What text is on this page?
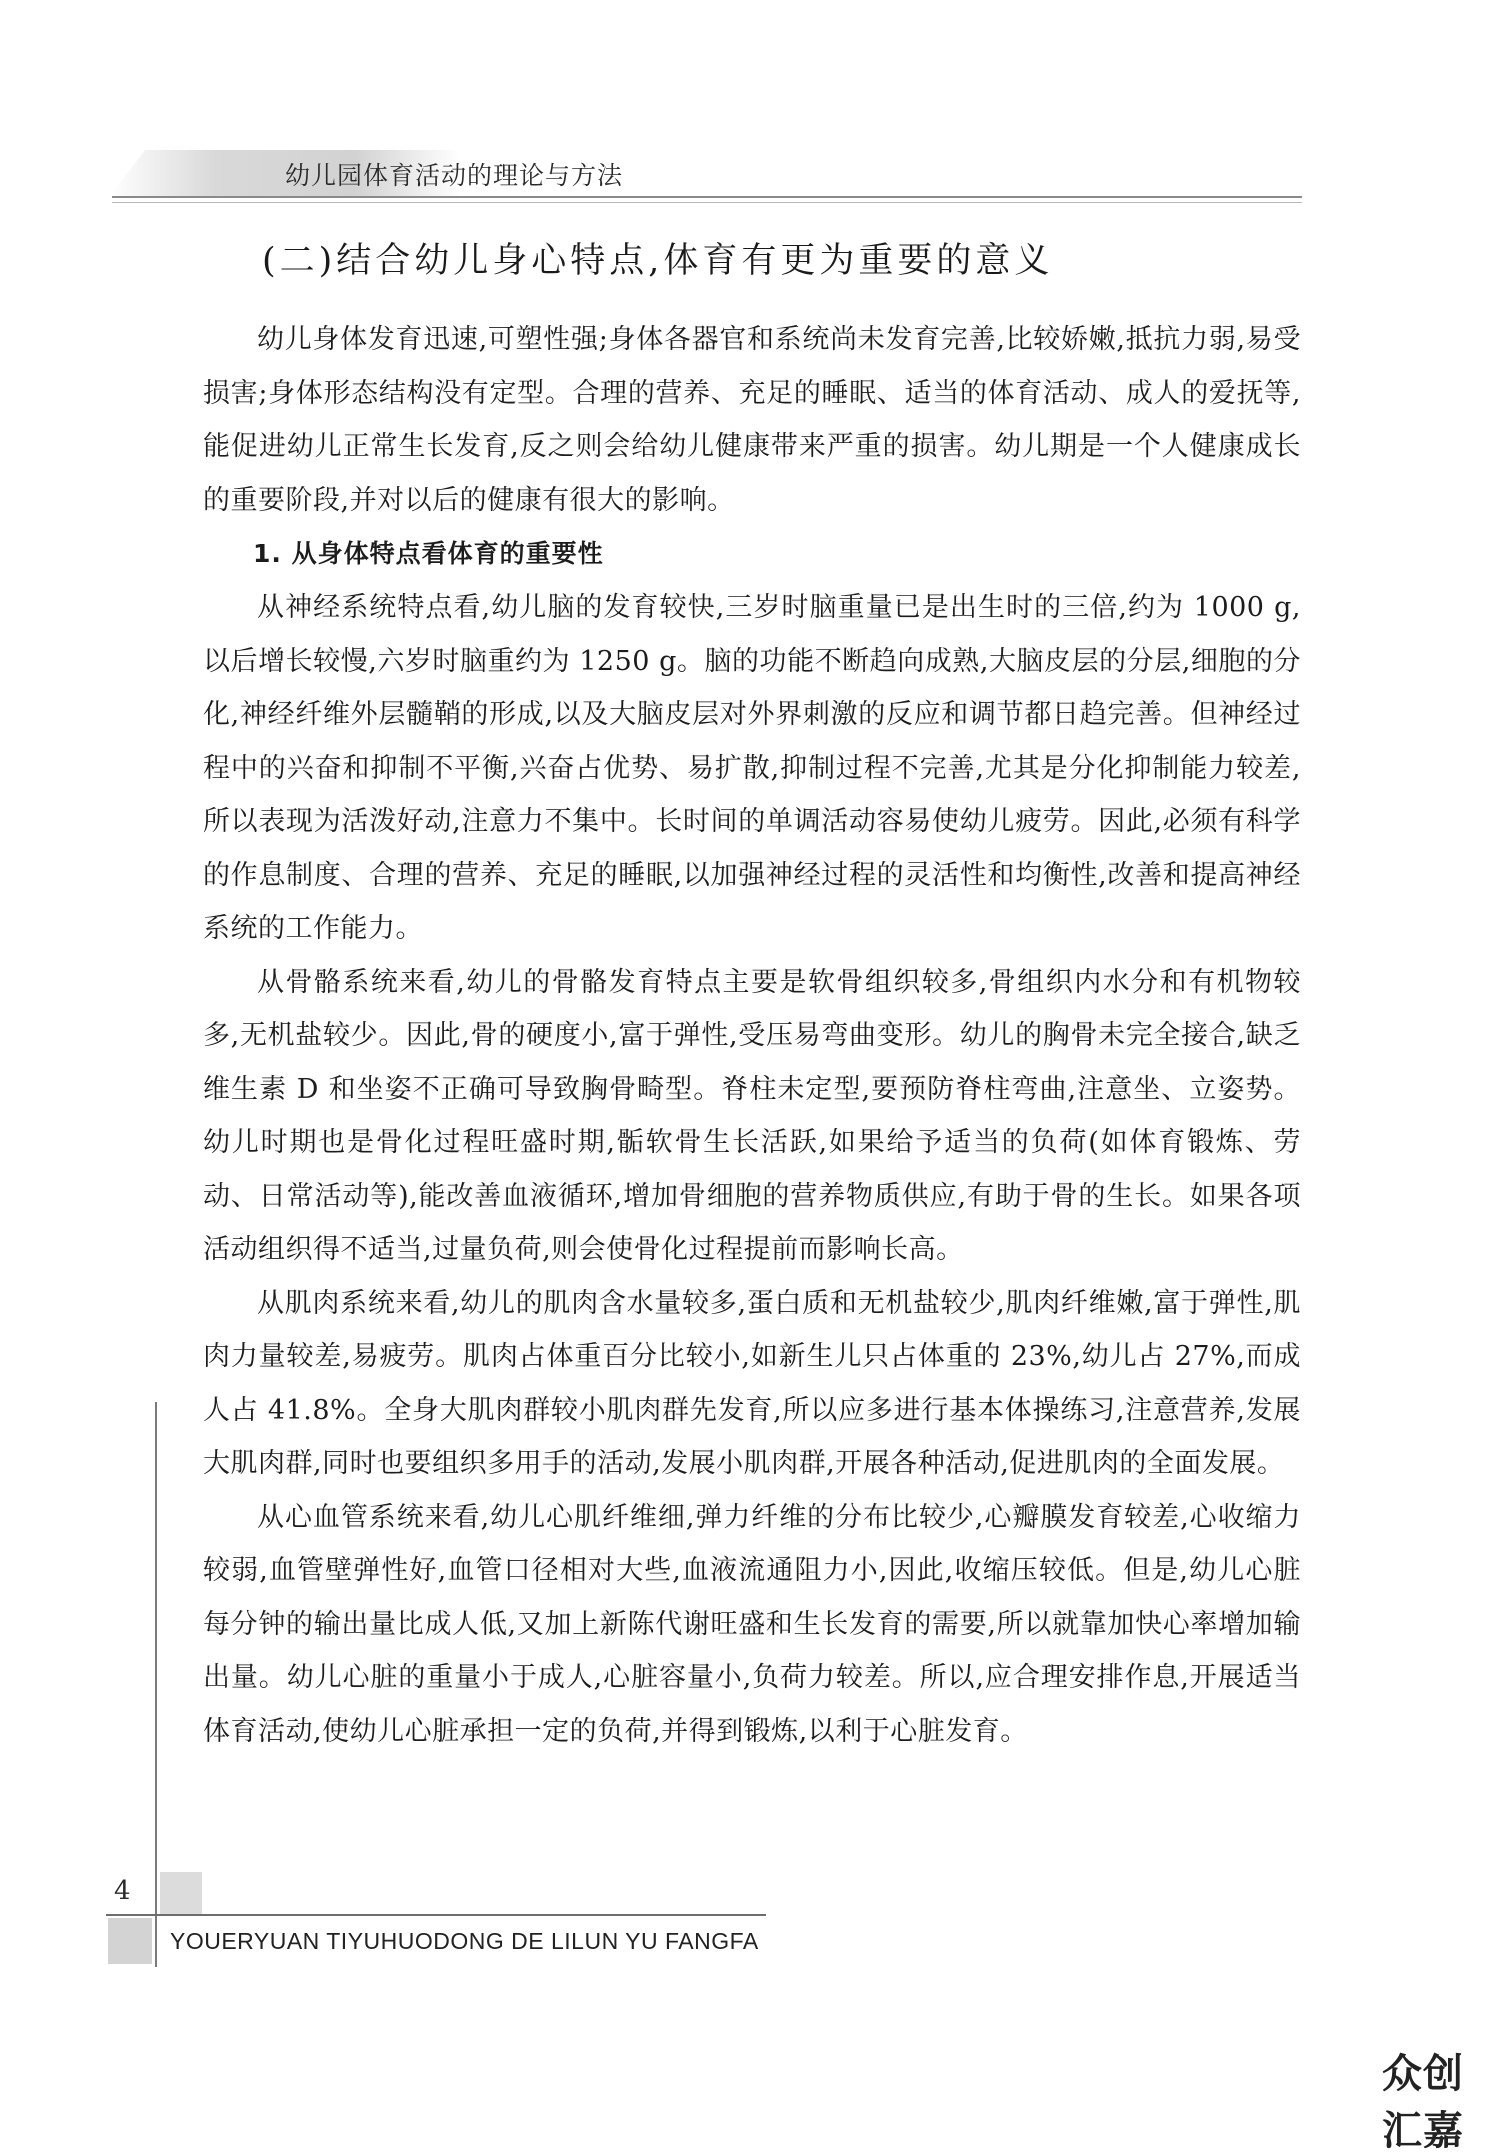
幼儿园体育活动的理论与方法
(二)结合幼儿身心特点,体育有更为重要的意义

幼儿身体发育迅速,可塑性强;身体各器官和系统尚未发育完善,比较娇嫩,抵抗力弱,易受损害;身体形态结构没有定型。合理的营养、充足的睡眠、适当的体育活动、成人的爱抚等,能促进幼儿正常生长发育,反之则会给幼儿健康带来严重的损害。幼儿期是一个人健康成长的重要阶段,并对以后的健康有很大的影响。

1. 从身体特点看体育的重要性

从神经系统特点看,幼儿脑的发育较快,三岁时脑重量已是出生时的三倍,约为 1000 g,以后增长较慢,六岁时脑重约为 1250 g。脑的功能不断趋向成熟,大脑皮层的分层,细胞的分化,神经纤维外层髓鞘的形成,以及大脑皮层对外界刺激的反应和调节都日趋完善。但神经过程中的兴奋和抑制不平衡,兴奋占优势、易扩散,抑制过程不完善,尤其是分化抑制能力较差,所以表现为活泼好动,注意力不集中。长时间的单调活动容易使幼儿疲劳。因此,必须有科学的作息制度、合理的营养、充足的睡眠,以加强神经过程的灵活性和均衡性,改善和提高神经系统的工作能力。

从骨骼系统来看,幼儿的骨骼发育特点主要是软骨组织较多,骨组织内水分和有机物较多,无机盐较少。因此,骨的硬度小,富于弹性,受压易弯曲变形。幼儿的胸骨未完全接合,缺乏维生素 D 和坐姿不正确可导致胸骨畸型。脊柱未定型,要预防脊柱弯曲,注意坐、立姿势。幼儿时期也是骨化过程旺盛时期,骺软骨生长活跃,如果给予适当的负荷(如体育锻炼、劳动、日常活动等),能改善血液循环,增加骨细胞的营养物质供应,有助于骨的生长。如果各项活动组织得不适当,过量负荷,则会使骨化过程提前而影响长高。

从肌肉系统来看,幼儿的肌肉含水量较多,蛋白质和无机盐较少,肌肉纤维嫩,富于弹性,肌肉力量较差,易疲劳。肌肉占体重百分比较小,如新生儿只占体重的 23%,幼儿占 27%,而成人占 41.8%。全身大肌肉群较小肌肉群先发育,所以应多进行基本体操练习,注意营养,发展大肌肉群,同时也要组织多用手的活动,发展小肌肉群,开展各种活动,促进肌肉的全面发展。

从心血管系统来看,幼儿心肌纤维细,弹力纤维的分布比较少,心瓣膜发育较差,心收缩力较弱,血管壁弹性好,血管口径相对大些,血液流通阻力小,因此,收缩压较低。但是,幼儿心脏每分钟的输出量比成人低,又加上新陈代谢旺盛和生长发育的需要,所以就靠加快心率增加输出量。幼儿心脏的重量小于成人,心脏容量小,负荷力较差。所以,应合理安排作息,开展适当体育活动,使幼儿心脏承担一定的负荷,并得到锻炼,以利于心脏发育。

4
YOUERYUAN TIYUHUODONG DE LILUN YU FANGFA
众创汇嘉
